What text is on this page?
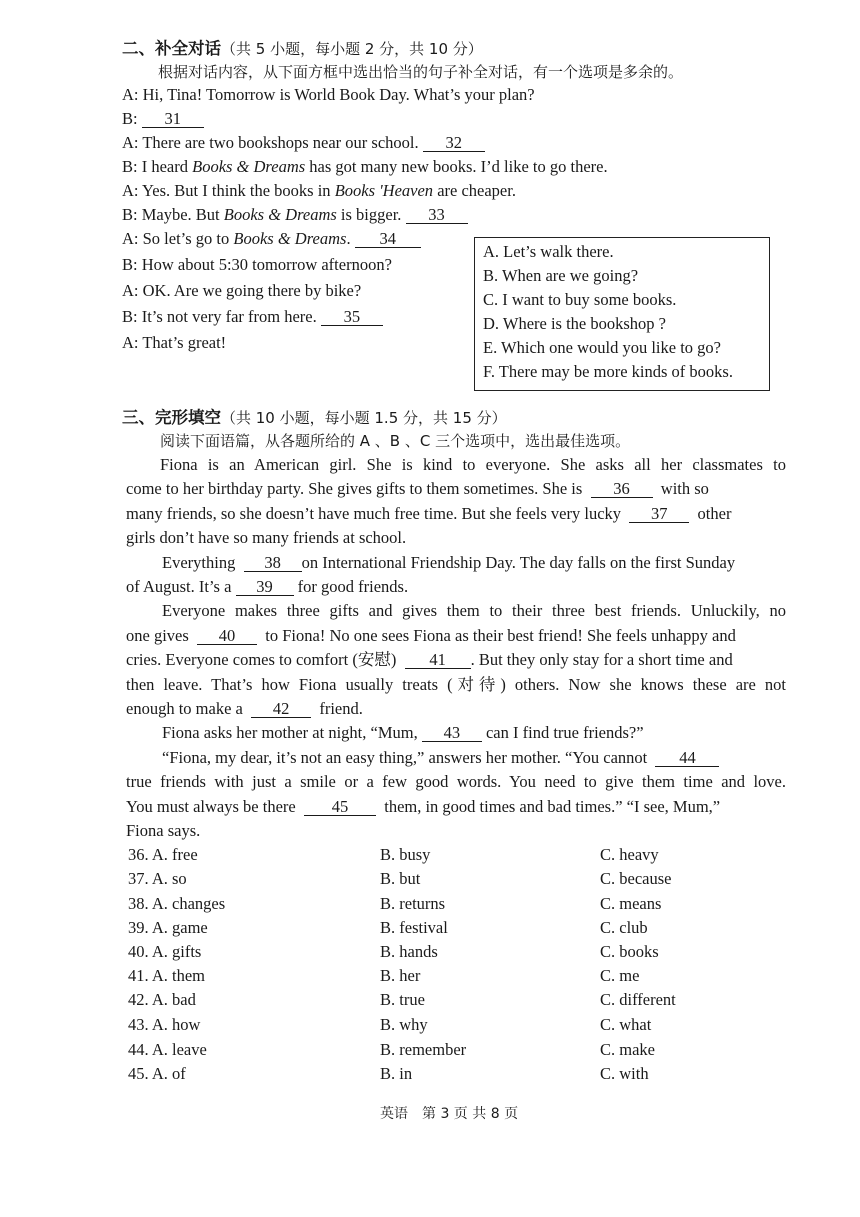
二、补全对话（共 5 小题，每小题 2 分，共 10 分）
根据对话内容，从下面方框中选出恰当的句子补全对话，有一个选项是多余的。
A: Hi, Tina! Tomorrow is World Book Day. What’s your plan?
B: 31
A: There are two bookshops near our school. 32
B: I heard Books & Dreams has got many new books. I’d like to go there.
A: Yes. But I think the books in Books 'Heaven are cheaper.
B: Maybe. But Books & Dreams is bigger. 33
A: So let’s go to Books & Dreams. 34
B: How about 5:30 tomorrow afternoon?
A: OK. Are we going there by bike?
B: It’s not very far from here. 35
A: That’s great!
A. Let’s walk there.
B. When are we going?
C. I want to buy some books.
D. Where is the bookshop ?
E. Which one would you like to go?
F. There may be more kinds of books.
三、完形填空（共 10 小题，每小题 1.5 分，共 15 分）
阅读下面语篇，从各题所给的 A 、B 、C 三个选项中，选出最佳选项。
Fiona is an American girl. She is kind to everyone. She asks all her classmates to
come to her birthday party. She gives gifts to them sometimes. She is 36 with so
many friends, so she doesn’t have much free time. But she feels very lucky 37 other
girls don’t have so many friends at school.
Everything 38 on International Friendship Day. The day falls on the first Sunday
of August. It’s a 39 for good friends.
Everyone makes three gifts and gives them to their three best friends. Unluckily, no
one gives 40 to Fiona! No one sees Fiona as their best friend! She feels unhappy and
cries. Everyone comes to comfort (安慰) 41 . But they only stay for a short time and
then leave. That’s how Fiona usually treats (对待) others. Now she knows these are not
enough to make a 42 friend.
Fiona asks her mother at night, “Mum, 43 can I find true friends?”
“Fiona, my dear, it’s not an easy thing,” answers her mother. “You cannot 44
true friends with just a smile or a few good words. You need to give them time and love.
You must always be there 45 them, in good times and bad times.” “I see, Mum,”
Fiona says.
36. A. free	B. busy	C. heavy
37. A. so	B. but	C. because
38. A. changes	B. returns	C. means
39. A. game	B. festival	C. club
40. A. gifts	B. hands	C. books
41. A. them	B. her	C. me
42. A. bad	B. true	C. different
43. A. how	B. why	C. what
44. A. leave	B. remember	C. make
45. A. of	B. in	C. with
英语　第 3 页 共 8 页
